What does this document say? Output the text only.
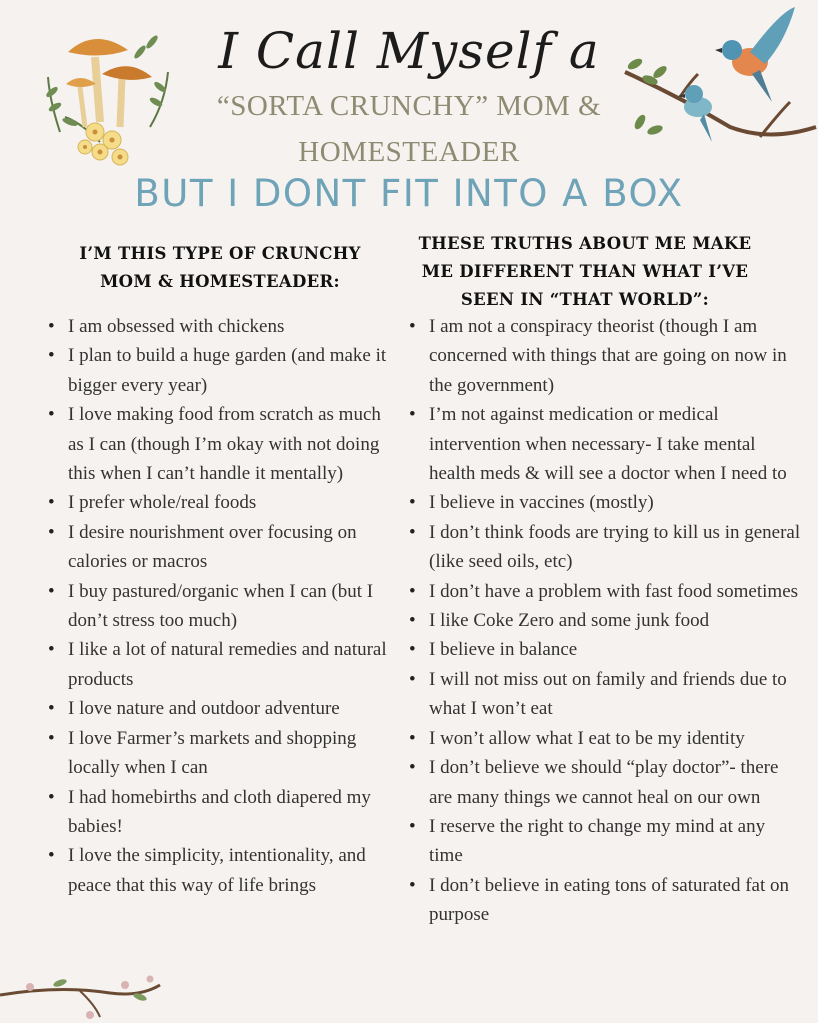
I Call Myself a
“SORTA CRUNCHY” MOM &
HOMESTEADER
BUT I DONT FIT INTO A BOX
I’M THIS TYPE OF CRUNCHY
MOM & HOMESTEADER:
THESE TRUTHS ABOUT ME MAKE
ME DIFFERENT THAN WHAT I’VE
SEEN IN “THAT WORLD”:
• I am obsessed with chickens
• I plan to build a huge garden (and make it bigger every year)
• I love making food from scratch as much as I can (though I’m okay with not doing this when I can’t handle it mentally)
• I prefer whole/real foods
• I desire nourishment over focusing on calories or macros
• I buy pastured/organic when I can (but I don’t stress too much)
• I like a lot of natural remedies and natural products
• I love nature and outdoor adventure
• I love Farmer’s markets and shopping locally when I can
• I had homebirths and cloth diapered my babies!
• I love the simplicity, intentionality, and peace that this way of life brings
• I am not a conspiracy theorist (though I am concerned with things that are going on now in the government)
• I’m not against medication or medical intervention when necessary- I take mental health meds & will see a doctor when I need to
• I believe in vaccines (mostly)
• I don’t think foods are trying to kill us in general (like seed oils, etc)
• I don’t have a problem with fast food sometimes
• I like Coke Zero and some junk food
• I believe in balance
• I will not miss out on family and friends due to what I won’t eat
• I won’t allow what I eat to be my identity
• I don’t believe we should “play doctor”- there are many things we cannot heal on our own
• I reserve the right to change my mind at any time
• I don’t believe in eating tons of saturated fat on purpose
